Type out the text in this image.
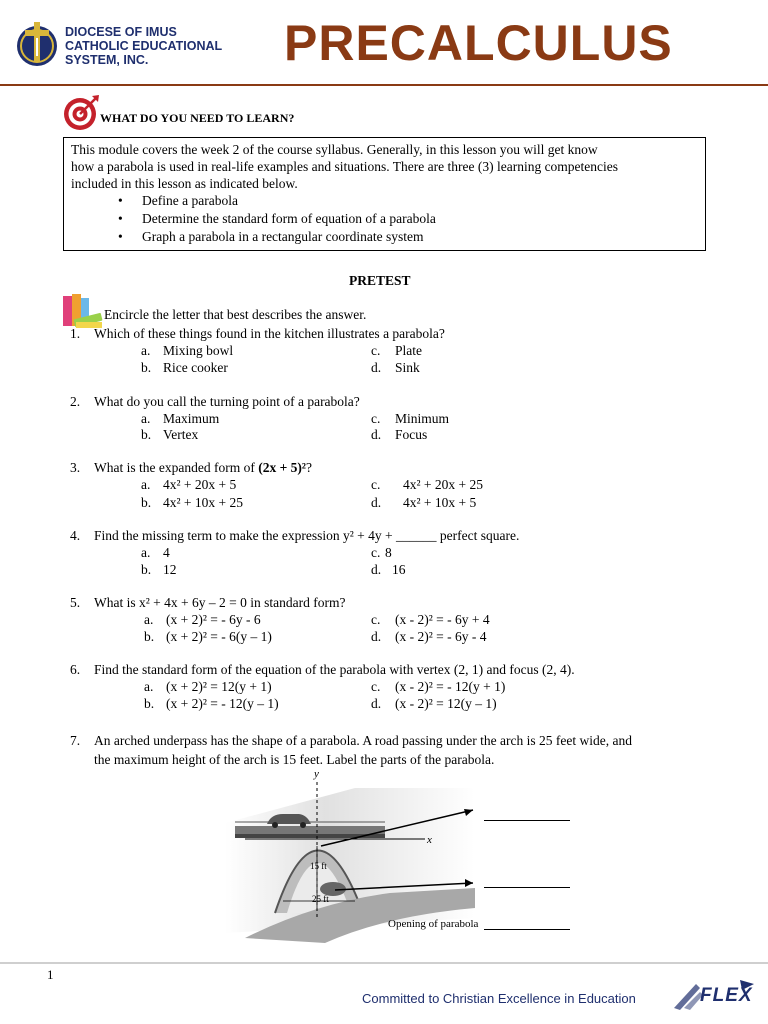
DIOCESE OF IMUS
CATHOLIC EDUCATIONAL
SYSTEM, INC.	PRECALCULUS
WHAT DO YOU NEED TO LEARN?
This module covers the week 2 of the course syllabus. Generally, in this lesson you will get know
how a parabola is used in real-life examples and situations. There are three (3) learning competencies
included in this lesson as indicated below.
• Define a parabola
• Determine the standard form of equation of a parabola
• Graph a parabola in a rectangular coordinate system
PRETEST
Encircle the letter that best describes the answer.
1. Which of these things found in the kitchen illustrates a parabola?
a. Mixing bowl
b. Rice cooker
c. Plate
d. Sink
2. What do you call the turning point of a parabola?
a. Maximum
b. Vertex
c. Minimum
d. Focus
3. What is the expanded form of (2x + 5)²?
a. 4x² + 20x + 5
b. 4x² + 10x + 25
c. 4x² + 20x + 25
d. 4x² + 10x + 5
4. Find the missing term to make the expression y² + 4y + ______ perfect square.
a. 4
b. 12
c. 8
d. 16
5. What is x² + 4x + 6y – 2 = 0 in standard form?
a. (x + 2)² = - 6y - 6
b. (x + 2)² = - 6(y – 1)
c. (x - 2)² = - 6y + 4
d. (x - 2)² = - 6y - 4
6. Find the standard form of the equation of the parabola with vertex (2, 1) and focus (2, 4).
a. (x + 2)² = 12(y + 1)
b. (x + 2)² = - 12(y – 1)
c. (x - 2)² = - 12(y + 1)
d. (x - 2)² = 12(y – 1)
7. An arched underpass has the shape of a parabola. A road passing under the arch is 25 feet wide, and
the maximum height of the arch is 15 feet. Label the parts of the parabola.
y
x
15 ft
25 ft
Opening of parabola
1
Committed to Christian Excellence in Education	FLEX
